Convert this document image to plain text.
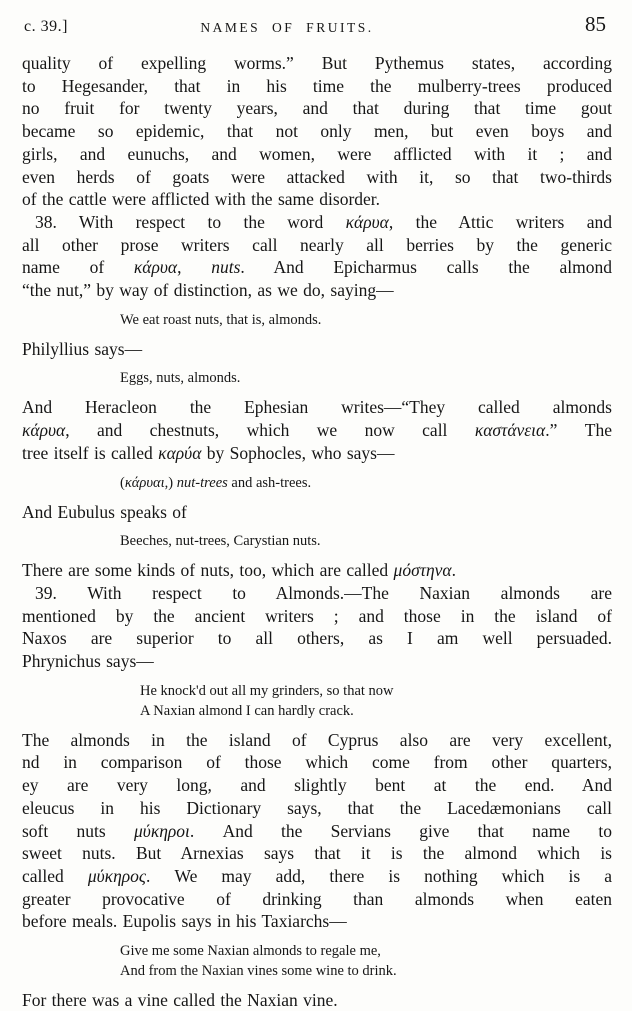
c. 39.]	NAMES OF FRUITS.	85
quality of expelling worms.” But Pythemus states, according
to Hegesander, that in his time the mulberry-trees produced
no fruit for twenty years, and that during that time gout
became so epidemic, that not only men, but even boys and
girls, and eunuchs, and women, were afflicted with it ; and
even herds of goats were attacked with it, so that two-thirds
of the cattle were afflicted with the same disorder.
38. With respect to the word κάρυα, the Attic writers and
all other prose writers call nearly all berries by the generic
name of κάρυα, nuts. And Epicharmus calls the almond
“the nut,” by way of distinction, as we do, saying—
We eat roast nuts, that is, almonds.
Philyllius says—
Eggs, nuts, almonds.
And Heracleon the Ephesian writes—“They called almonds
κάρυα, and chestnuts, which we now call καστάνεια.” The
tree itself is called καρύα by Sophocles, who says—
(κάρυαι,) nut-trees and ash-trees.
And Eubulus speaks of
Beeches, nut-trees, Carystian nuts.
There are some kinds of nuts, too, which are called μόστηνα.
39. With respect to Almonds.—The Naxian almonds are
mentioned by the ancient writers ; and those in the island of
Naxos are superior to all others, as I am well persuaded.
Phrynichus says—
He knock'd out all my grinders, so that now
A Naxian almond I can hardly crack.
The almonds in the island of Cyprus also are very excellent,
nd in comparison of those which come from other quarters,
ey are very long, and slightly bent at the end. And
eleucus in his Dictionary says, that the Lacedæmonians call
soft nuts μύκηροι. And the Servians give that name to
sweet nuts. But Arnexias says that it is the almond which is
called μύκηρος. We may add, there is nothing which is a
greater provocative of drinking than almonds when eaten
before meals. Eupolis says in his Taxiarchs—
Give me some Naxian almonds to regale me,
And from the Naxian vines some wine to drink.
For there was a vine called the Naxian vine.
